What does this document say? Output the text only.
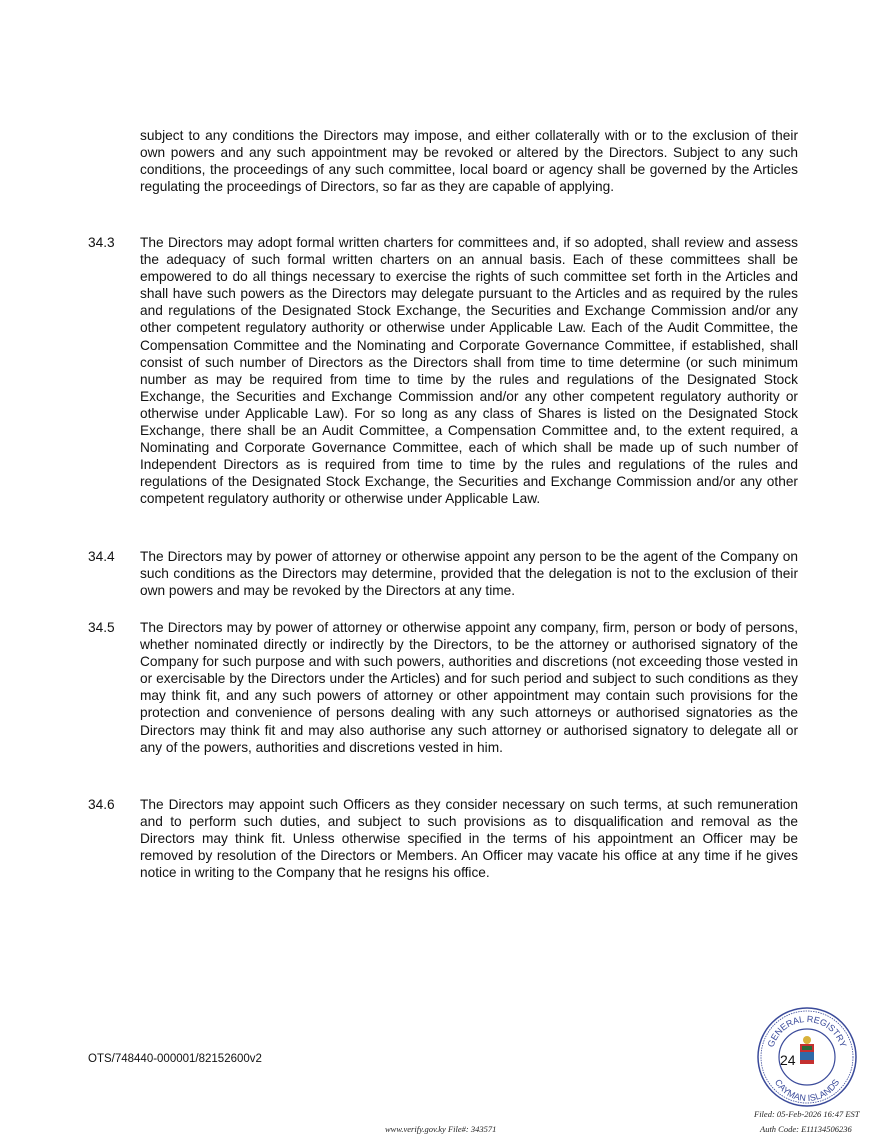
subject to any conditions the Directors may impose, and either collaterally with or to the exclusion of their own powers and any such appointment may be revoked or altered by the Directors. Subject to any such conditions, the proceedings of any such committee, local board or agency shall be governed by the Articles regulating the proceedings of Directors, so far as they are capable of applying.
34.3 The Directors may adopt formal written charters for committees and, if so adopted, shall review and assess the adequacy of such formal written charters on an annual basis. Each of these committees shall be empowered to do all things necessary to exercise the rights of such committee set forth in the Articles and shall have such powers as the Directors may delegate pursuant to the Articles and as required by the rules and regulations of the Designated Stock Exchange, the Securities and Exchange Commission and/or any other competent regulatory authority or otherwise under Applicable Law. Each of the Audit Committee, the Compensation Committee and the Nominating and Corporate Governance Committee, if established, shall consist of such number of Directors as the Directors shall from time to time determine (or such minimum number as may be required from time to time by the rules and regulations of the Designated Stock Exchange, the Securities and Exchange Commission and/or any other competent regulatory authority or otherwise under Applicable Law). For so long as any class of Shares is listed on the Designated Stock Exchange, there shall be an Audit Committee, a Compensation Committee and, to the extent required, a Nominating and Corporate Governance Committee, each of which shall be made up of such number of Independent Directors as is required from time to time by the rules and regulations of the rules and regulations of the Designated Stock Exchange, the Securities and Exchange Commission and/or any other competent regulatory authority or otherwise under Applicable Law.
34.4 The Directors may by power of attorney or otherwise appoint any person to be the agent of the Company on such conditions as the Directors may determine, provided that the delegation is not to the exclusion of their own powers and may be revoked by the Directors at any time.
34.5 The Directors may by power of attorney or otherwise appoint any company, firm, person or body of persons, whether nominated directly or indirectly by the Directors, to be the attorney or authorised signatory of the Company for such purpose and with such powers, authorities and discretions (not exceeding those vested in or exercisable by the Directors under the Articles) and for such period and subject to such conditions as they may think fit, and any such powers of attorney or other appointment may contain such provisions for the protection and convenience of persons dealing with any such attorneys or authorised signatories as the Directors may think fit and may also authorise any such attorney or authorised signatory to delegate all or any of the powers, authorities and discretions vested in him.
34.6 The Directors may appoint such Officers as they consider necessary on such terms, at such remuneration and to perform such duties, and subject to such provisions as to disqualification and removal as the Directors may think fit. Unless otherwise specified in the terms of his appointment an Officer may be removed by resolution of the Directors or Members. An Officer may vacate his office at any time if he gives notice in writing to the Company that he resigns his office.
OTS/748440-000001/82152600v2
GENERAL REGISTRY
CAYMAN ISLANDS
24
Filed: 05-Feb-2026 16:47 EST
www.verify.gov.ky File#: 343571	Auth Code: E11134506236
